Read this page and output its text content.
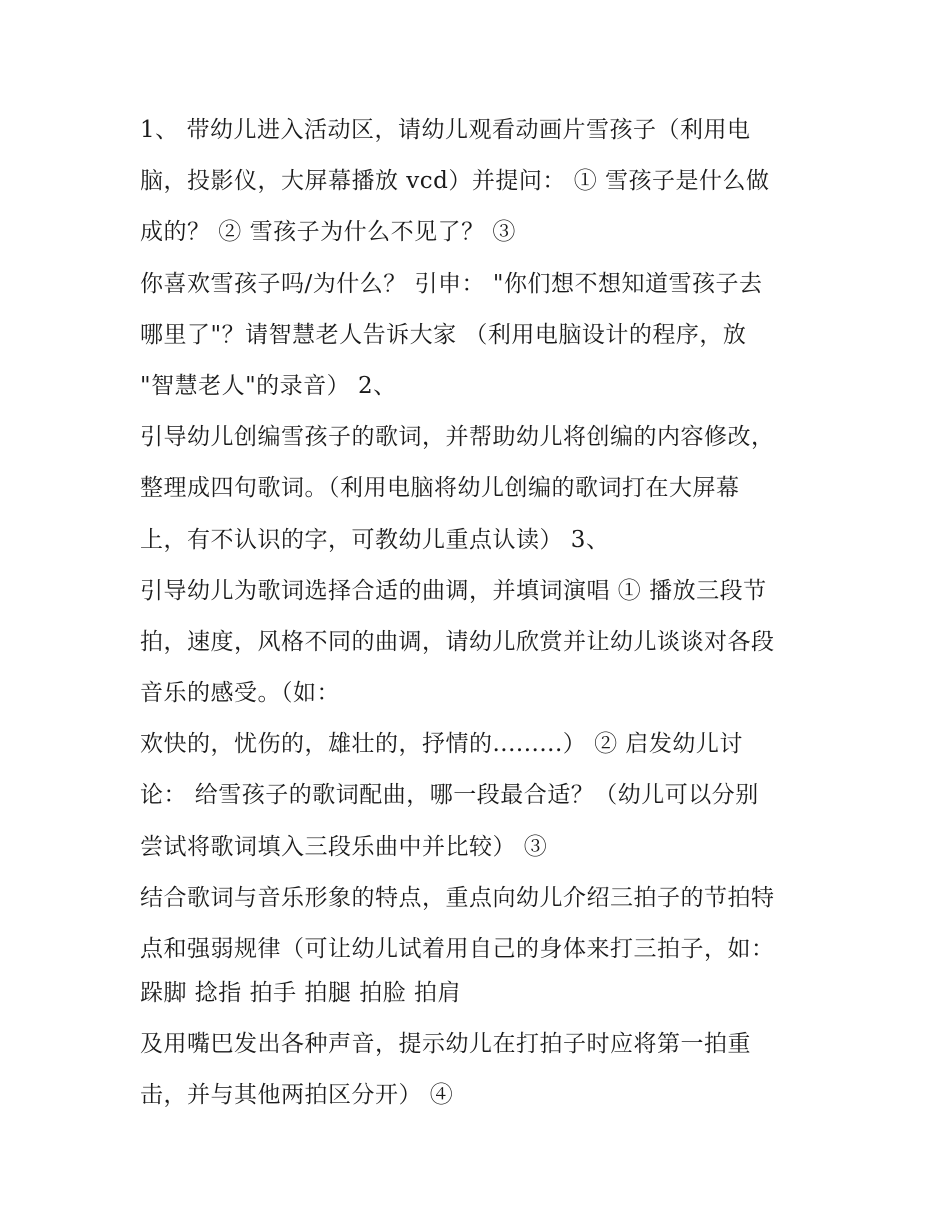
1、 带幼儿进入活动区，请幼儿观看动画片雪孩子（利用电
脑，投影仪，大屏幕播放 vcd）并提问： ① 雪孩子是什么做
成的？ ② 雪孩子为什么不见了？ ③
你喜欢雪孩子吗/为什么？ 引申： "你们想不想知道雪孩子去
哪里了"？请智慧老人告诉大家 （利用电脑设计的程序，放
"智慧老人"的录音） 2、
引导幼儿创编雪孩子的歌词，并帮助幼儿将创编的内容修改，
整理成四句歌词。（利用电脑将幼儿创编的歌词打在大屏幕
上，有不认识的字，可教幼儿重点认读） 3、
引导幼儿为歌词选择合适的曲调，并填词演唱 ① 播放三段节
拍，速度，风格不同的曲调，请幼儿欣赏并让幼儿谈谈对各段
音乐的感受。（如：
欢快的，忧伤的，雄壮的，抒情的.........） ② 启发幼儿讨
论： 给雪孩子的歌词配曲，哪一段最合适？（幼儿可以分别
尝试将歌词填入三段乐曲中并比较） ③
结合歌词与音乐形象的特点，重点向幼儿介绍三拍子的节拍特
点和强弱规律（可让幼儿试着用自己的身体来打三拍子，如：
跺脚 捻指 拍手 拍腿 拍脸 拍肩
及用嘴巴发出各种声音，提示幼儿在打拍子时应将第一拍重
击，并与其他两拍区分开） ④
